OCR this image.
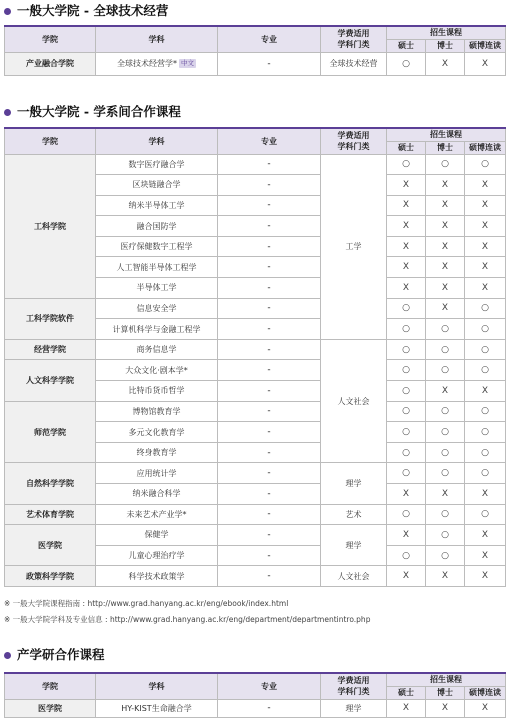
一般大学院 - 全球技术经营
学院	学科	专业	学费适用
学科门类	招生课程		
				硕士	博士	硕博连读
产业融合学院	全球技术经营学* 中文	-	全球技术经营	○	X	X
一般大学院 - 学系间合作课程
学院	学科	专业	学费适用
学科门类	招生课程		
				硕士	博士	硕博连读
工科学院	数字医疗融合学	-	工学	○	○	○
	区块链融合学	-		X	X	X
	纳米半导体工学	-		X	X	X
	融合国防学	-		X	X	X
	医疗保健数字工程学	-		X	X	X
	人工智能半导体工程学	-		X	X	X
	半导体工学	-		X	X	X
工科学院软件	信息安全学	-		○	X	○
	计算机科学与金融工程学	-		○	○	○
经营学院	商务信息学	-	人文社会	○	○	○
人文科学学院	大众文化·剧本学*	-		○	○	○
	比特币货币哲学	-		○	X	X
师范学院	博物馆教育学	-		○	○	○
	多元文化教育学	-		○	○	○
	终身教育学	-		○	○	○
自然科学学院	应用统计学	-	理学	○	○	○
	纳米融合科学	-		X	X	X
艺术体育学院	未来艺术产业学*	-	艺术	○	○	○
医学院	保健学	-	理学	X	○	X
	儿童心理治疗学	-		○	○	X
政策科学学院	科学技术政策学	-	人文社会	X	X	X
※ 一般大学院课程指南 : http://www.grad.hanyang.ac.kr/eng/ebook/index.html
※ 一般大学院学科及专业信息 : http://www.grad.hanyang.ac.kr/eng/department/departmentintro.php
产学研合作课程
学院	学科	专业	学费适用
学科门类	招生课程		
				硕士	博士	硕博连读
医学院	HY-KIST生命融合学	-	理学	X	X	X
